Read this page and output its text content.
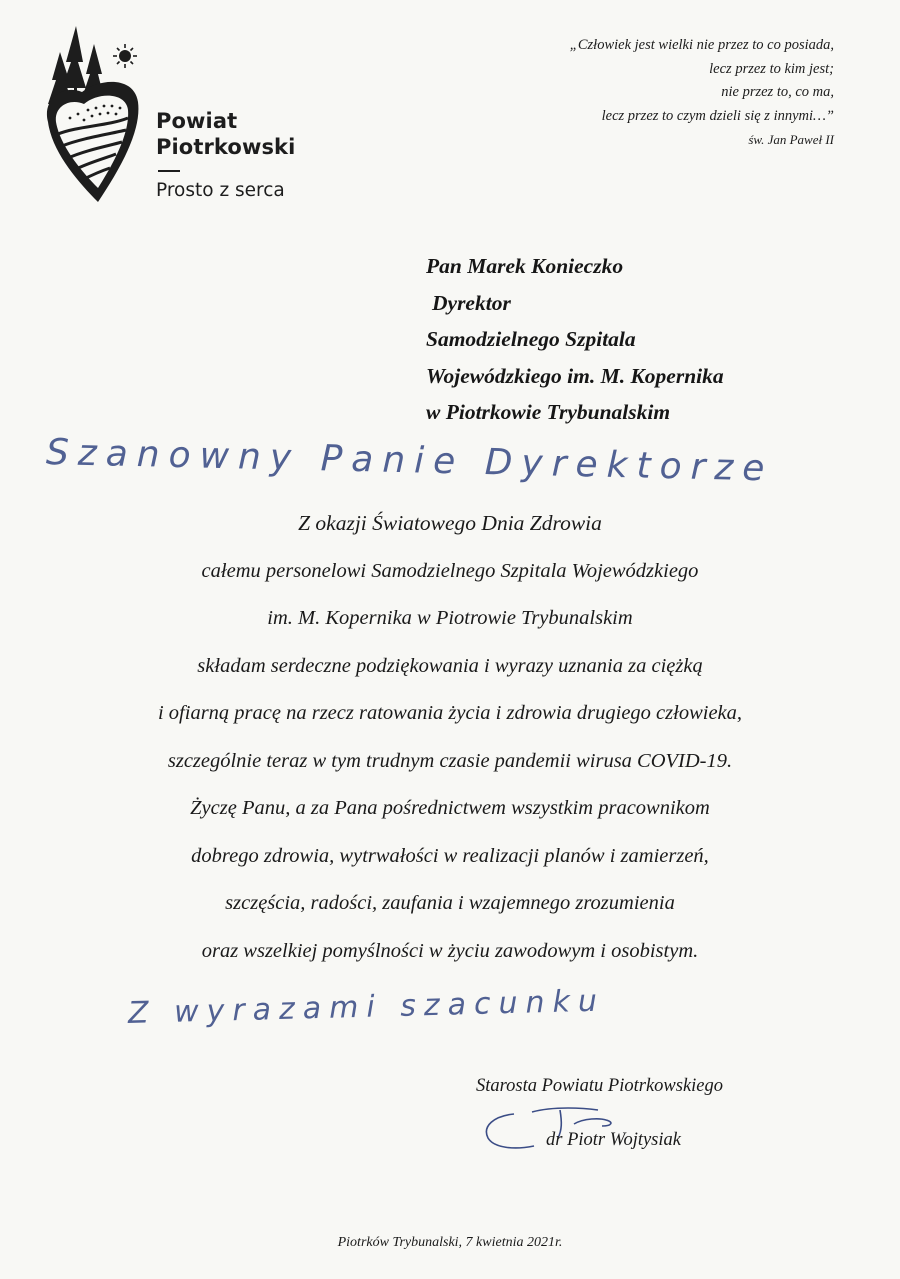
Powiat
Piotrkowski
Prosto z serca
„Człowiek jest wielki nie przez to co posiada,
lecz przez to kim jest;
nie przez to, co ma,
lecz przez to czym dzieli się z innymi…”
św. Jan Paweł II
Pan Marek Konieczko
Dyrektor
Samodzielnego Szpitala
Wojewódzkiego im. M. Kopernika
w Piotrkowie Trybunalskim
Szanowny Panie Dyrektorze
Z okazji Światowego Dnia Zdrowia
całemu personelowi Samodzielnego Szpitala Wojewódzkiego
im. M. Kopernika w Piotrowie Trybunalskim
składam serdeczne podziękowania i wyrazy uznania za ciężką
i ofiarną pracę na rzecz ratowania życia i zdrowia drugiego człowieka,
szczególnie teraz w tym trudnym czasie pandemii wirusa COVID-19.
Życzę Panu, a za Pana pośrednictwem wszystkim pracownikom
dobrego zdrowia, wytrwałości w realizacji planów i zamierzeń,
szczęścia, radości, zaufania i wzajemnego zrozumienia
oraz wszelkiej pomyślności w życiu zawodowym i osobistym.
Z wyrazami szacunku
Starosta Powiatu Piotrkowskiego
dr Piotr Wojtysiak
Piotrków Trybunalski, 7 kwietnia 2021r.
